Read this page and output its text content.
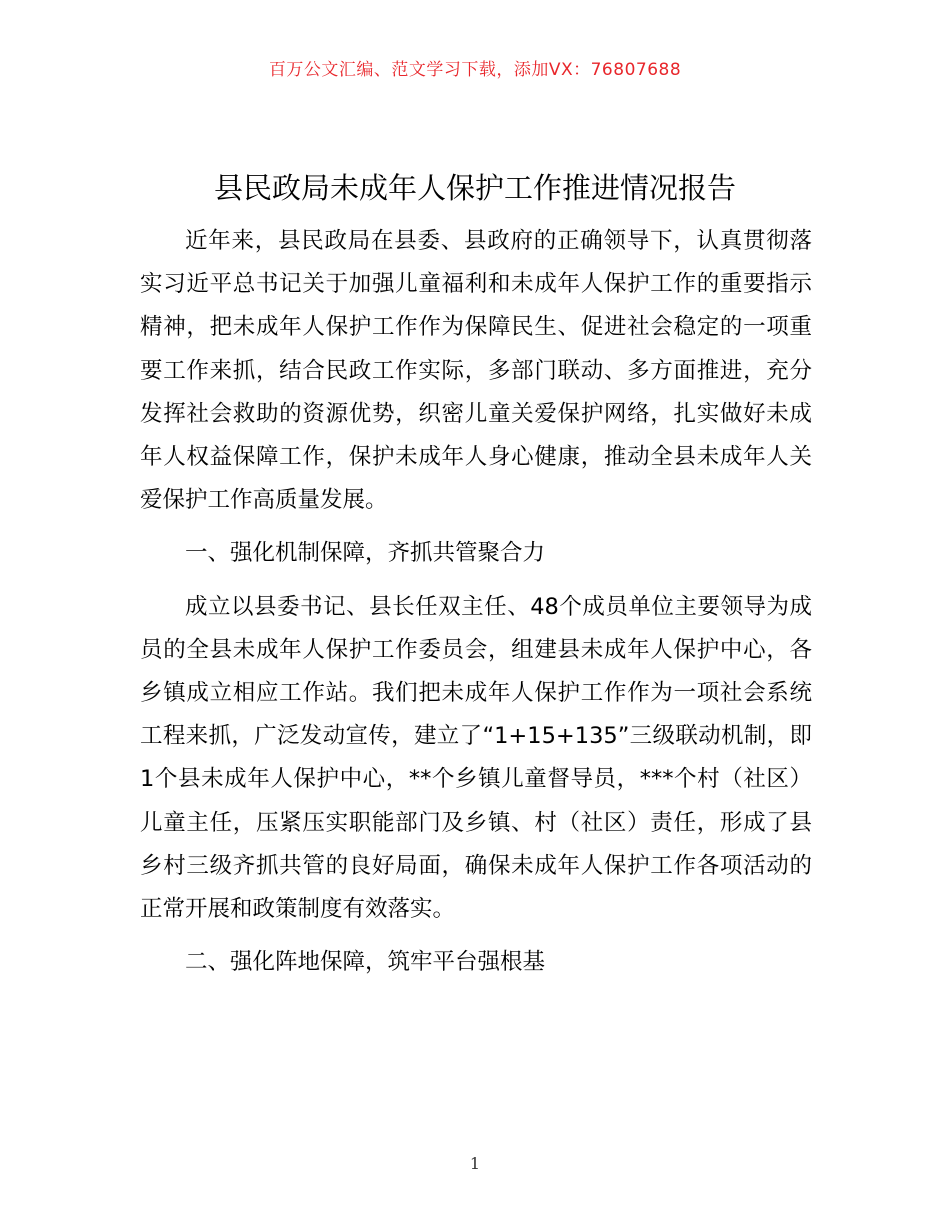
百万公文汇编、范文学习下载，添加VX：76807688
县民政局未成年人保护工作推进情况报告

近年来，县民政局在县委、县政府的正确领导下，认真贯彻落实习近平总书记关于加强儿童福利和未成年人保护工作的重要指示精神，把未成年人保护工作作为保障民生、促进社会稳定的一项重要工作来抓，结合民政工作实际，多部门联动、多方面推进，充分发挥社会救助的资源优势，织密儿童关爱保护网络，扎实做好未成年人权益保障工作，保护未成年人身心健康，推动全县未成年人关爱保护工作高质量发展。

一、强化机制保障，齐抓共管聚合力

成立以县委书记、县长任双主任、48个成员单位主要领导为成员的全县未成年人保护工作委员会，组建县未成年人保护中心，各乡镇成立相应工作站。我们把未成年人保护工作作为一项社会系统工程来抓，广泛发动宣传，建立了“1+15+135”三级联动机制，即1个县未成年人保护中心，**个乡镇儿童督导员，***个村（社区）儿童主任，压紧压实职能部门及乡镇、村（社区）责任，形成了县乡村三级齐抓共管的良好局面，确保未成年人保护工作各项活动的正常开展和政策制度有效落实。

二、强化阵地保障，筑牢平台强根基

1
